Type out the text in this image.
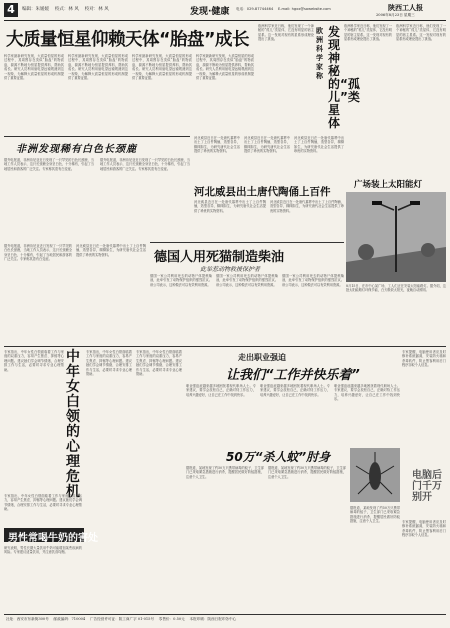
4	编辑：朱媛媛 　校式：林 风 　校对：林 风	发现·健康 电话：029-87744464 　E-mail: hgxx@sowebsite.com	陕西工人报
2006年8月23日 星期三
大质量恒星仰赖天体“胎盘”成长
科学家最新研究发现，大质量恒星的形成过程中，其周围存在类似“胎盘”的物质盘，源源不断地为恒星提供养料，帮助其成长。研究人员利用射电望远镜观测到这一现象，为解释大质量恒星的形成机制提供了重要证据。
科学家最新研究发现，大质量恒星的形成过程中，其周围存在类似“胎盘”的物质盘，源源不断地为恒星提供养料，帮助其成长。研究人员利用射电望远镜观测到这一现象，为解释大质量恒星的形成机制提供了重要证据。
科学家最新研究发现，大质量恒星的形成过程中，其周围存在类似“胎盘”的物质盘，源源不断地为恒星提供养料，帮助其成长。研究人员利用射电望远镜观测到这一现象，为解释大质量恒星的形成机制提供了重要证据。
科学家最新研究发现，大质量恒星的形成过程中，其周围存在类似“胎盘”的物质盘，源源不断地为恒星提供养料，帮助其成长。研究人员利用射电望远镜观测到这一现象，为解释大质量恒星的形成机制提供了重要证据。
欧洲科学家近日称，他们发现了一个神秘的“孤儿”类星体，它没有明显的宿主星系。这一发现对现有的星系形成理论提出了挑战。
欧洲科学家称
发现神秘的“孤儿”类星体
欧洲科学家近日称，他们发现了一个神秘的“孤儿”类星体，它没有明显的宿主星系。这一发现对现有的星系形成理论提出了挑战。
欧洲科学家近日称，他们发现了一个神秘的“孤儿”类星体，它没有明显的宿主星系。这一发现对现有的星系形成理论提出了挑战。
非洲发现稀有白色长颈鹿
据外电报道，非洲肯尼亚近日发现了一只罕见的白色长颈鹿，当地工作人员表示，这只长颈鹿全身呈白色，十分稀有，引起了当地居民和游客的广泛关注。专家称其患有白变症。
据外电报道，非洲肯尼亚近日发现了一只罕见的白色长颈鹿，当地工作人员表示，这只长颈鹿全身呈白色，十分稀有，引起了当地居民和游客的广泛关注。专家称其患有白变症。
河北威县近日在一处唐代墓葬中出土了上百件陶俑，造型各异，栩栩如生，为研究唐代社会生活提供了珍贵的实物资料。
河北威县近日在一处唐代墓葬中出土了上百件陶俑，造型各异，栩栩如生，为研究唐代社会生活提供了珍贵的实物资料。
河北威县近日在一处唐代墓葬中出土了上百件陶俑，造型各异，栩栩如生，为研究唐代社会生活提供了珍贵的实物资料。
河北威县出土唐代陶俑上百件
河北威县近日在一处唐代墓葬中出土了上百件陶俑，造型各异，栩栩如生，为研究唐代社会生活提供了珍贵的实物资料。
河北威县近日在一处唐代墓葬中出土了上百件陶俑，造型各异，栩栩如生，为研究唐代社会生活提供了珍贵的实物资料。
广场装上太阳能灯
8月15日，在市中心某广场，工人们正在安装太阳能路灯。据介绍，这批太阳能路灯环保节能，白天吸收太阳光，夜晚自动照明。
德国人用死猫制造柴油
此举惹动物救援保护者
德国一家公司利用死去的动物尸体提炼柴油，此举引发了动物保护组织的强烈抗议。该公司表示，这种做法可以有效利用资源。
德国一家公司利用死去的动物尸体提炼柴油，此举引发了动物保护组织的强烈抗议。该公司表示，这种做法可以有效利用资源。
德国一家公司利用死去的动物尸体提炼柴油，此举引发了动物保护组织的强烈抗议。该公司表示，这种做法可以有效利用资源。
据外电报道，非洲肯尼亚近日发现了一只罕见的白色长颈鹿，当地工作人员表示，这只长颈鹿全身呈白色，十分稀有，引起了当地居民和游客的广泛关注。专家称其患有白变症。
河北威县近日在一处唐代墓葬中出土了上百件陶俑，造型各异，栩栩如生，为研究唐代社会生活提供了珍贵的实物资料。
专家指出，中年女性白领面临着工作与家庭的双重压力，容易产生焦虑、抑郁等心理问题。建议她们学会调节情绪，合理安排工作与生活，必要时寻求专业心理帮助。
中年女白领的心理危机
专家指出，中年女性白领面临着工作与家庭的双重压力，容易产生焦虑、抑郁等心理问题。建议她们学会调节情绪，合理安排工作与生活，必要时寻求专业心理帮助。
专家指出，中年女性白领面临着工作与家庭的双重压力，容易产生焦虑、抑郁等心理问题。建议她们学会调节情绪，合理安排工作与生活，必要时寻求专业心理帮助。
专家指出，中年女性白领面临着工作与家庭的双重压力，容易产生焦虑、抑郁等心理问题。建议她们学会调节情绪，合理安排工作与生活，必要时寻求专业心理帮助。
男性常喝牛奶的害处
研究表明，男性长期大量饮用牛奶可能增加某些疾病的风险。专家建议适量饮用，并注意饮食均衡。
走出职业强迫
让我们“工作并快乐着”
职业强迫症越来越多地困扰着现代职场人士。专家建议，要学会放松自己，正确对待工作压力，培养兴趣爱好，让自己在工作中找到快乐。
职业强迫症越来越多地困扰着现代职场人士。专家建议，要学会放松自己，正确对待工作压力，培养兴趣爱好，让自己在工作中找到快乐。
职业强迫症越来越多地困扰着现代职场人士。专家建议，要学会放松自己，正确对待工作压力，培养兴趣爱好，让自己在工作中找到快乐。
50万“杀人蚊”肘身
据报道，某地发现了约50万只携带病毒的蚊子，卫生部门已采取紧急措施进行消杀，提醒居民做好防蚊措施，注意个人卫生。
据报道，某地发现了约50万只携带病毒的蚊子，卫生部门已采取紧急措施进行消杀，提醒居民做好防蚊措施，注意个人卫生。
据报道，某地发现了约50万只携带病毒的蚊子，卫生部门已采取紧急措施进行消杀，提醒居民做好防蚊措施，注意个人卫生。
专家提醒，电脑使用者应及时修补系统漏洞，安装防火墙和杀毒软件，防止黑客利用后门程序窃取个人信息。
电脑后门千万别开
专家提醒，电脑使用者应及时修补系统漏洞，安装防火墙和杀毒软件，防止黑客利用后门程序窃取个人信息。
社址：西安市东新街300号 　邮政编码：710004 　广告经营许可证：陕工商广字 01-015号 　零售价：0.50元 　本报印刷：陕西日报印务中心
